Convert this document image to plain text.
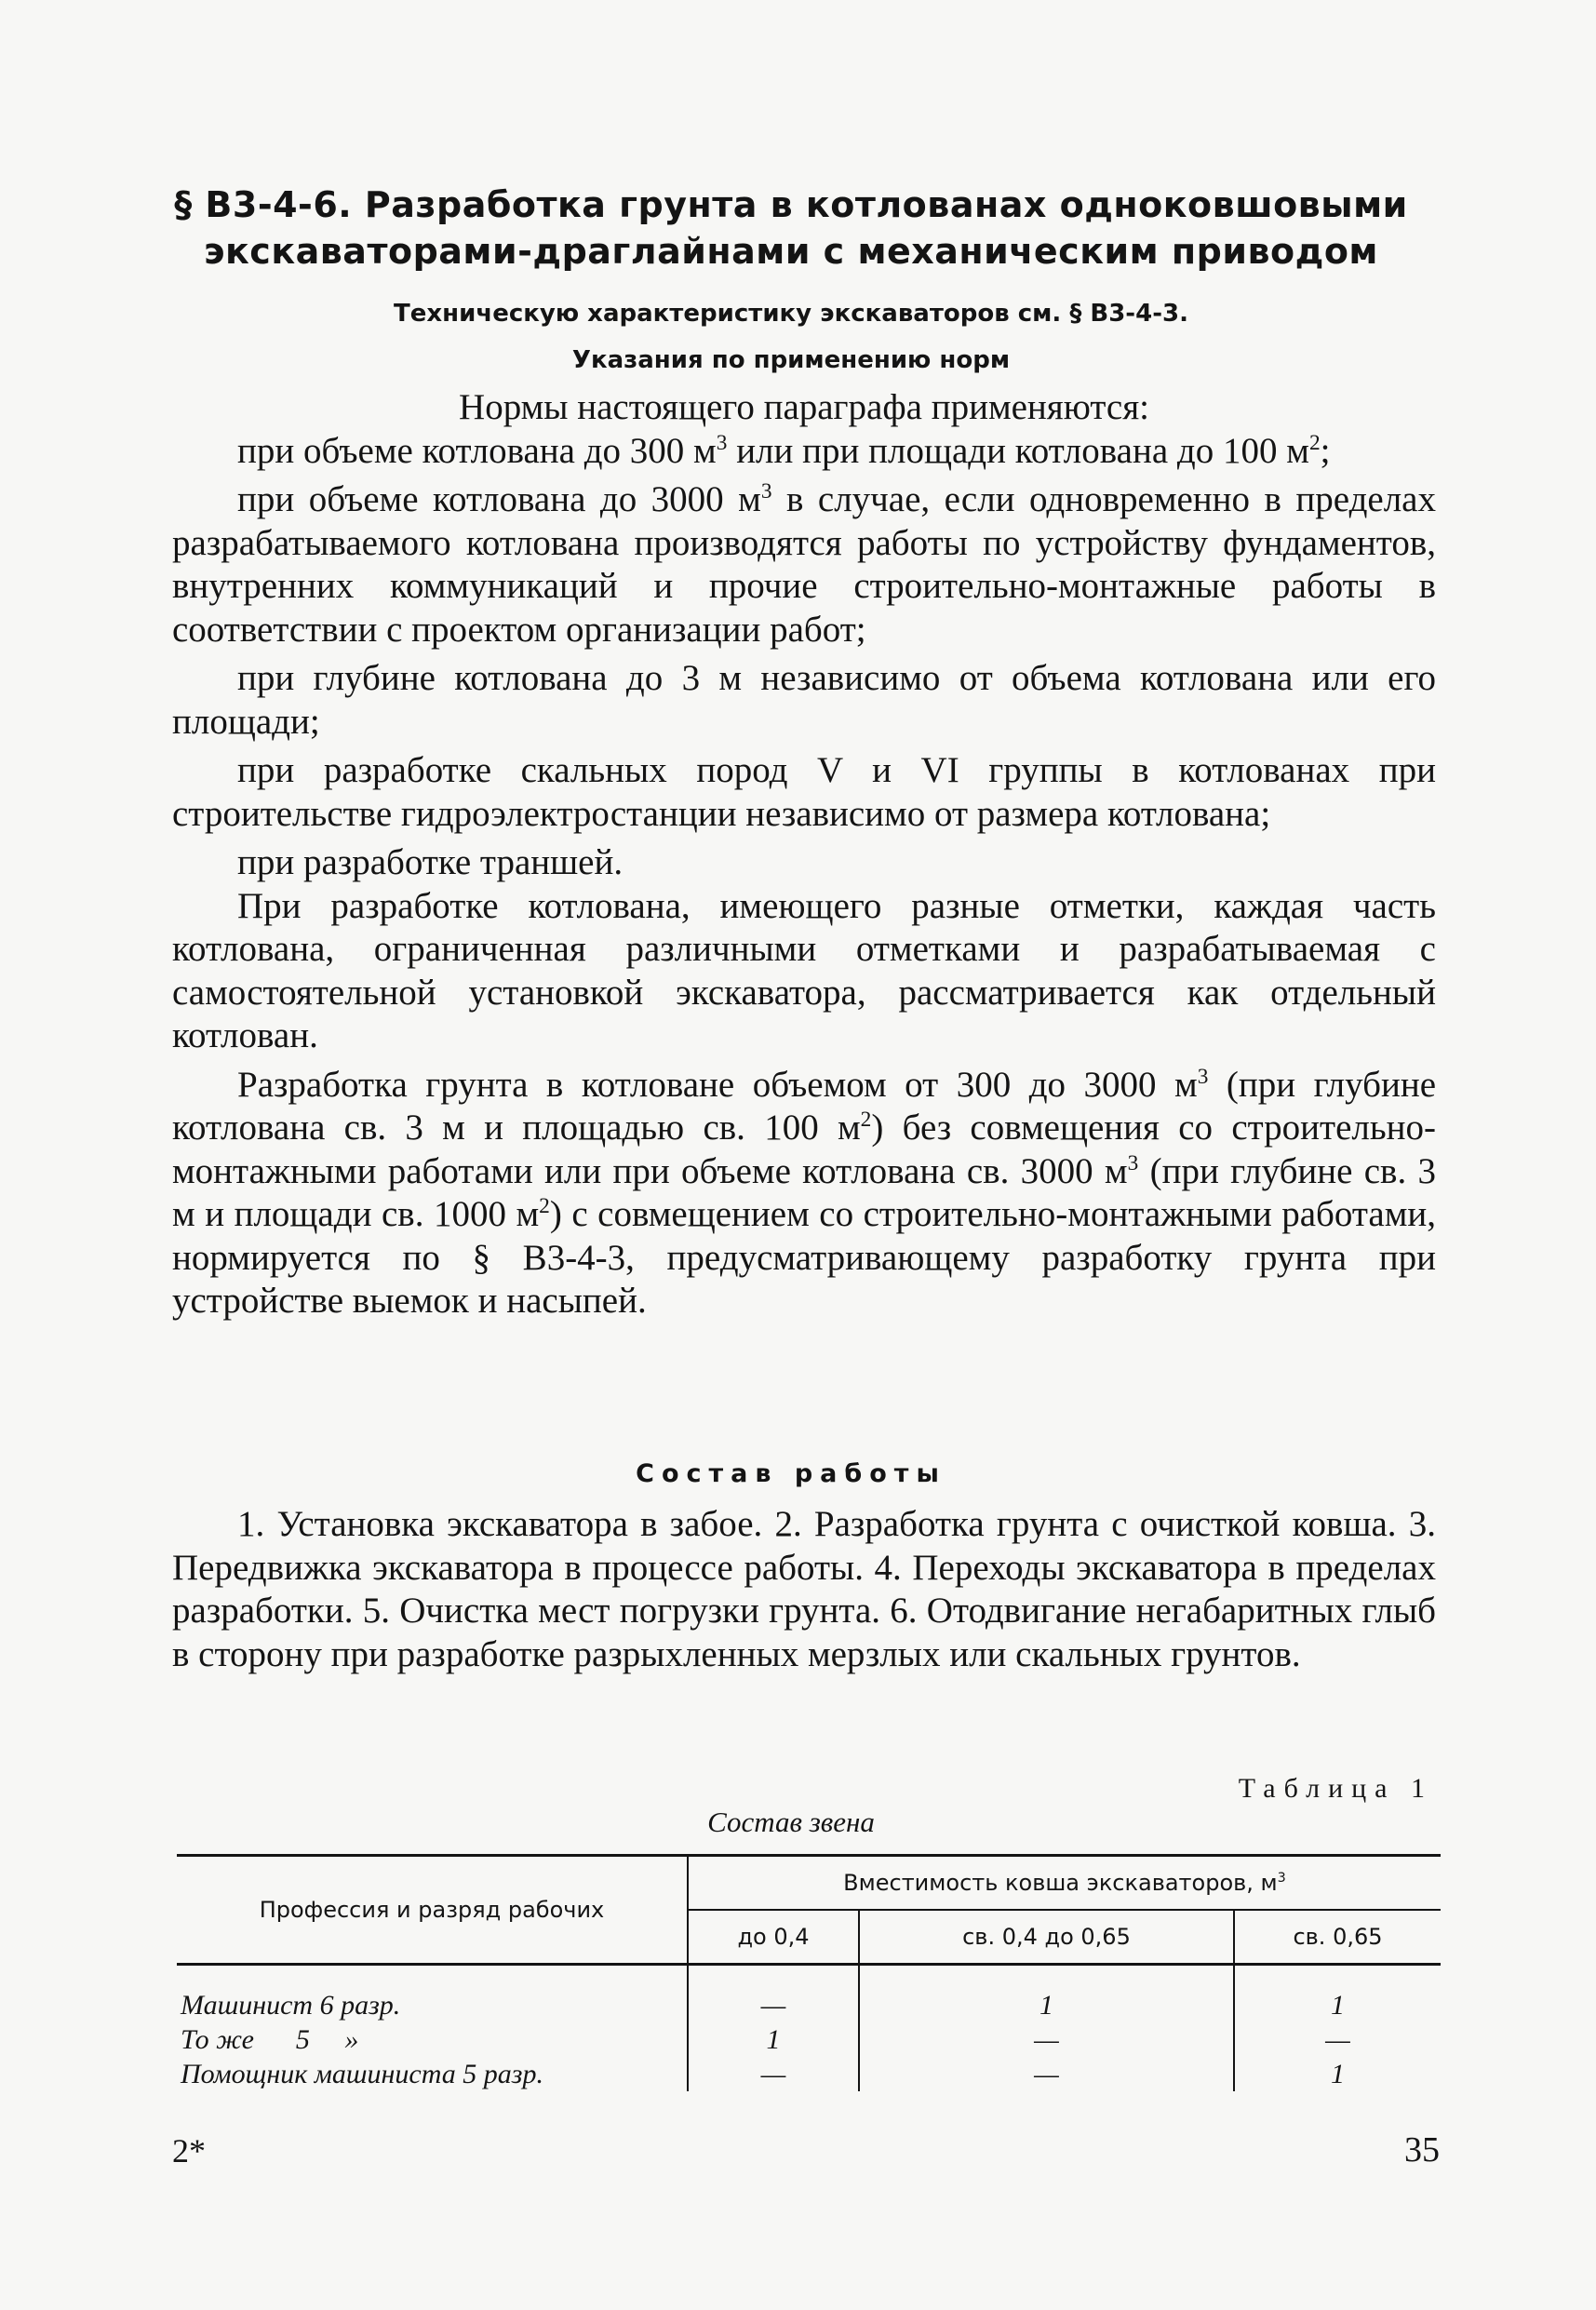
§ В3-4-6. Разработка грунта в котлованах одноковшовыми
экскаваторами-драглайнами с механическим приводом
Техническую характеристику экскаваторов см. § В3-4-3.
Указания по применению норм

Нормы настоящего параграфа применяются:

при объеме котлована до 300 $м^3$ или при площади котлована до 100 $м^2$;

при объеме котлована до 3000 $м^3$ в случае, если одновременно в пределах разрабатываемого котлована производятся работы по устройству фундаментов, внутренних коммуникаций и прочие строительно-монтажные работы в соответствии с проектом организации работ;

при глубине котлована до 3 м независимо от объема котлована или его площади;

при разработке скальных пород V и VI группы в котлованах при строительстве гидроэлектростанции независимо от размера котлована;

при разработке траншей.

При разработке котлована, имеющего разные отметки, каждая часть котлована, ограниченная различными отметками и разрабатываемая с самостоятельной установкой экскаватора, рассматривается как отдельный котлован.

Разработка грунта в котловане объемом от 300 до 3000 $м^3$ (при глубине котлована св. 3 м и площадью св. 100 $м^2$) без совмещения со строительно-монтажными работами или при объеме котлована св. 3000 $м^3$ (при глубине св. 3 м и площади св. 1000 $м^2$) с совмещением со строительно-монтажными работами, нормируется по § В3-4-3, предусматривающему разработку грунта при устройстве выемок и насыпей.

Состав работы

1. Установка экскаватора в забое. 2. Разработка грунта с очисткой ковша. 3. Передвижка экскаватора в процессе работы. 4. Переходы экскаватора в пределах разработки. 5. Очистка мест погрузки грунта. 6. Отодвигание негабаритных глыб в сторону при разработке разрыхленных мерзлых или скальных грунтов.

Таблица 1
Состав звена
Профессия и разряд рабочих	Вместимость ковша экскаваторов, $м^3$
	до 0,4	св. 0,4 до 0,65	св. 0,65
Машинист 6 разр.	—	1	1
То же      5     »	1	—	—
Помощник машиниста 5 разр.	—	—	1
2*	35
